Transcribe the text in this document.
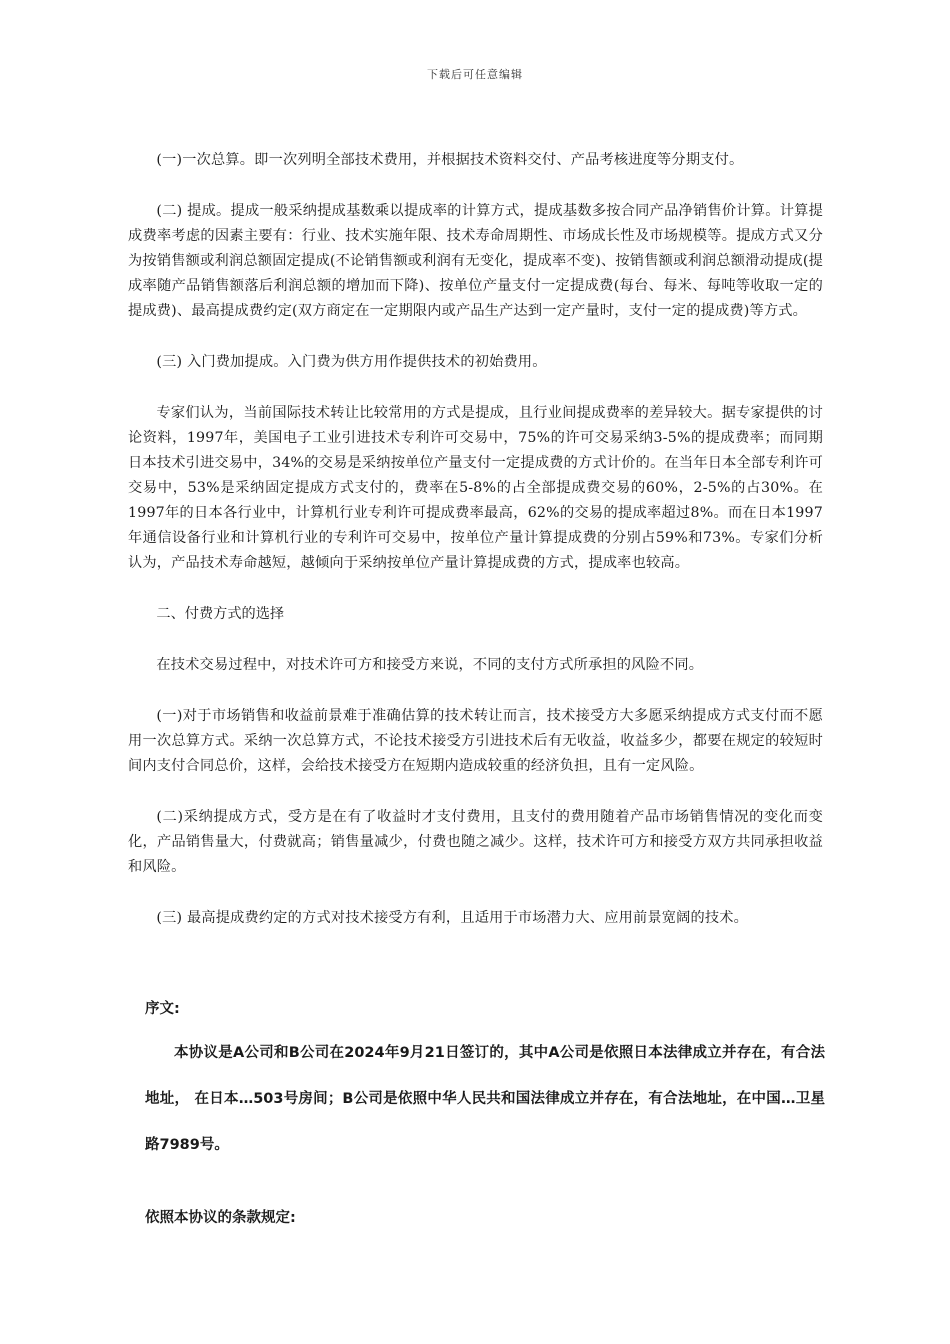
下载后可任意编辑

(一)一次总算。即一次列明全部技术费用，并根据技术资料交付、产品考核进度等分期支付。

(二) 提成。提成一般采纳提成基数乘以提成率的计算方式，提成基数多按合同产品净销售价计算。计算提成费率考虑的因素主要有：行业、技术实施年限、技术寿命周期性、市场成长性及市场规模等。提成方式又分为按销售额或利润总额固定提成(不论销售额或利润有无变化，提成率不变)、按销售额或利润总额滑动提成(提成率随产品销售额落后利润总额的增加而下降)、按单位产量支付一定提成费(每台、每米、每吨等收取一定的提成费)、最高提成费约定(双方商定在一定期限内或产品生产达到一定产量时，支付一定的提成费)等方式。

(三) 入门费加提成。入门费为供方用作提供技术的初始费用。

专家们认为，当前国际技术转让比较常用的方式是提成，且行业间提成费率的差异较大。据专家提供的讨论资料，1997年，美国电子工业引进技术专利许可交易中，75%的许可交易采纳3-5%的提成费率；而同期日本技术引进交易中，34%的交易是采纳按单位产量支付一定提成费的方式计价的。在当年日本全部专利许可交易中，53%是采纳固定提成方式支付的，费率在5-8%的占全部提成费交易的60%，2-5%的占30%。在1997年的日本各行业中，计算机行业专利许可提成费率最高，62%的交易的提成率超过8%。而在日本1997年通信设备行业和计算机行业的专利许可交易中，按单位产量计算提成费的分别占59%和73%。专家们分析认为，产品技术寿命越短，越倾向于采纳按单位产量计算提成费的方式，提成率也较高。

二、付费方式的选择

在技术交易过程中，对技术许可方和接受方来说，不同的支付方式所承担的风险不同。

(一)对于市场销售和收益前景难于准确估算的技术转让而言，技术接受方大多愿采纳提成方式支付而不愿用一次总算方式。采纳一次总算方式，不论技术接受方引进技术后有无收益，收益多少，都要在规定的较短时间内支付合同总价，这样，会给技术接受方在短期内造成较重的经济负担，且有一定风险。

(二)采纳提成方式，受方是在有了收益时才支付费用，且支付的费用随着产品市场销售情况的变化而变化，产品销售量大，付费就高；销售量减少，付费也随之减少。这样，技术许可方和接受方双方共同承担收益和风险。

(三) 最高提成费约定的方式对技术接受方有利，且适用于市场潜力大、应用前景宽阔的技术。

序文:

本协议是A公司和B公司在2024年9月21日签订的，其中A公司是依照日本法律成立并存在，有合法地址， 在日本…503号房间；B公司是依照中华人民共和国法律成立并存在，有合法地址，在中国…卫星路7989号。

依照本协议的条款规定:
